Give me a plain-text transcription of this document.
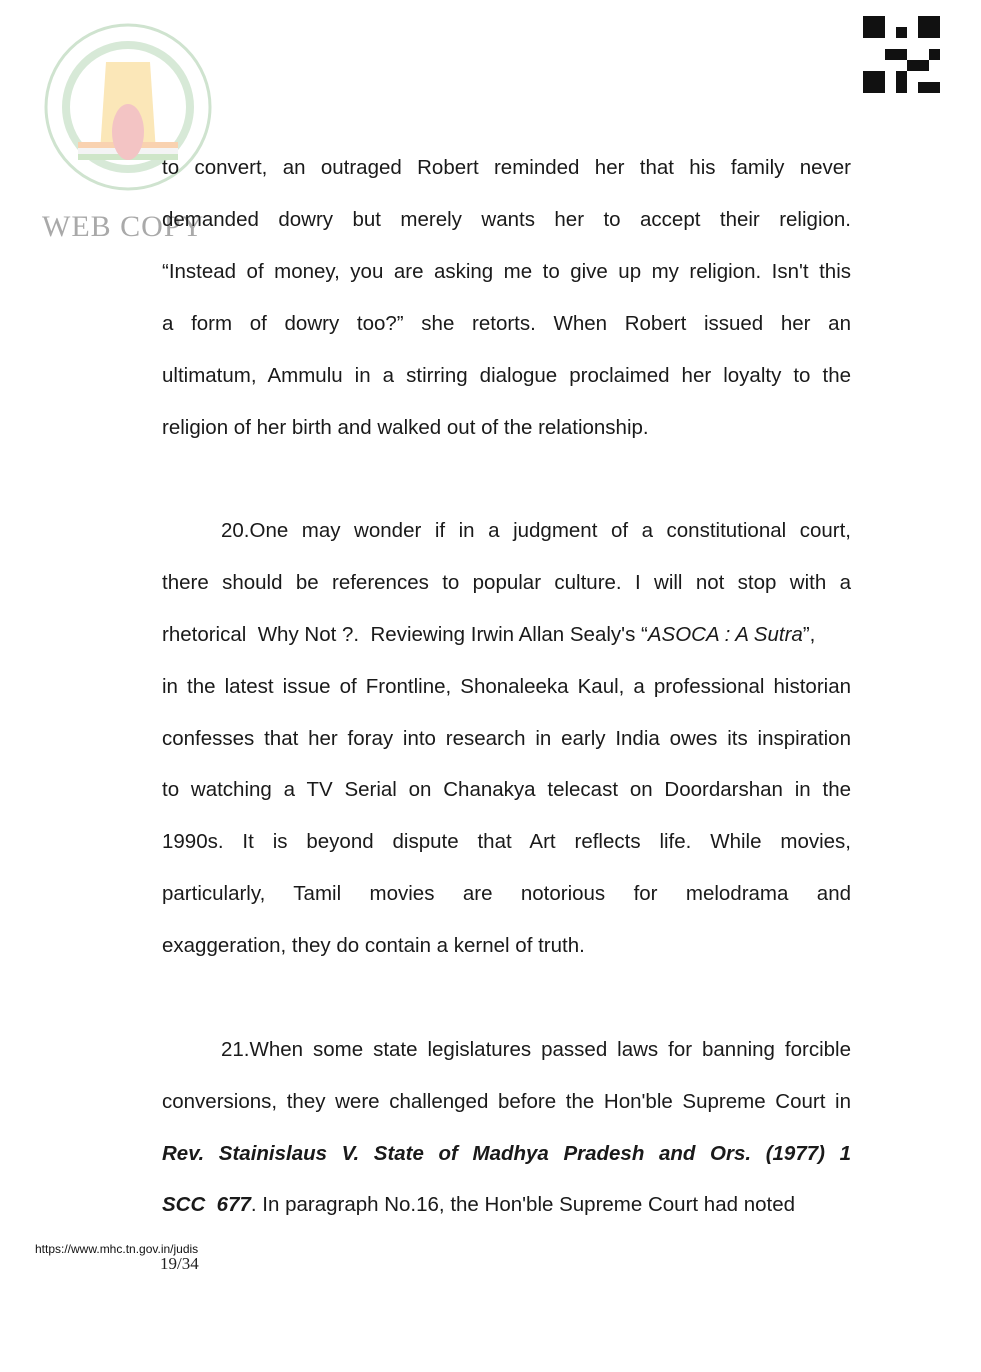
WEB COPY
to convert, an outraged Robert reminded her that his family never
demanded dowry but merely wants her to accept their religion.
“Instead of money, you are asking me to give up my religion. Isn't this
a form of dowry too?” she retorts. When Robert issued her an
ultimatum, Ammulu in a stirring dialogue proclaimed her loyalty to the
religion of her birth and walked out of the relationship.
20.One may wonder if in a judgment of a constitutional court,
there should be references to popular culture. I will not stop with a
rhetorical  Why Not ?.  Reviewing Irwin Allan Sealy's “ASOCA : A Sutra”,
in the latest issue of Frontline, Shonaleeka Kaul, a professional historian
confesses that her foray into research in early India owes its inspiration
to watching a TV Serial on Chanakya telecast on Doordarshan in the
1990s. It is beyond dispute that Art reflects life. While movies,
particularly, Tamil movies are notorious for melodrama and
exaggeration, they do contain a kernel of truth.
21.When some state legislatures passed laws for banning forcible
conversions, they were challenged before the Hon'ble Supreme Court in
Rev. Stainislaus V. State of Madhya Pradesh and Ors. (1977) 1
SCC  677. In paragraph No.16, the Hon'ble Supreme Court had noted
https://www.mhc.tn.gov.in/judis
19/34
